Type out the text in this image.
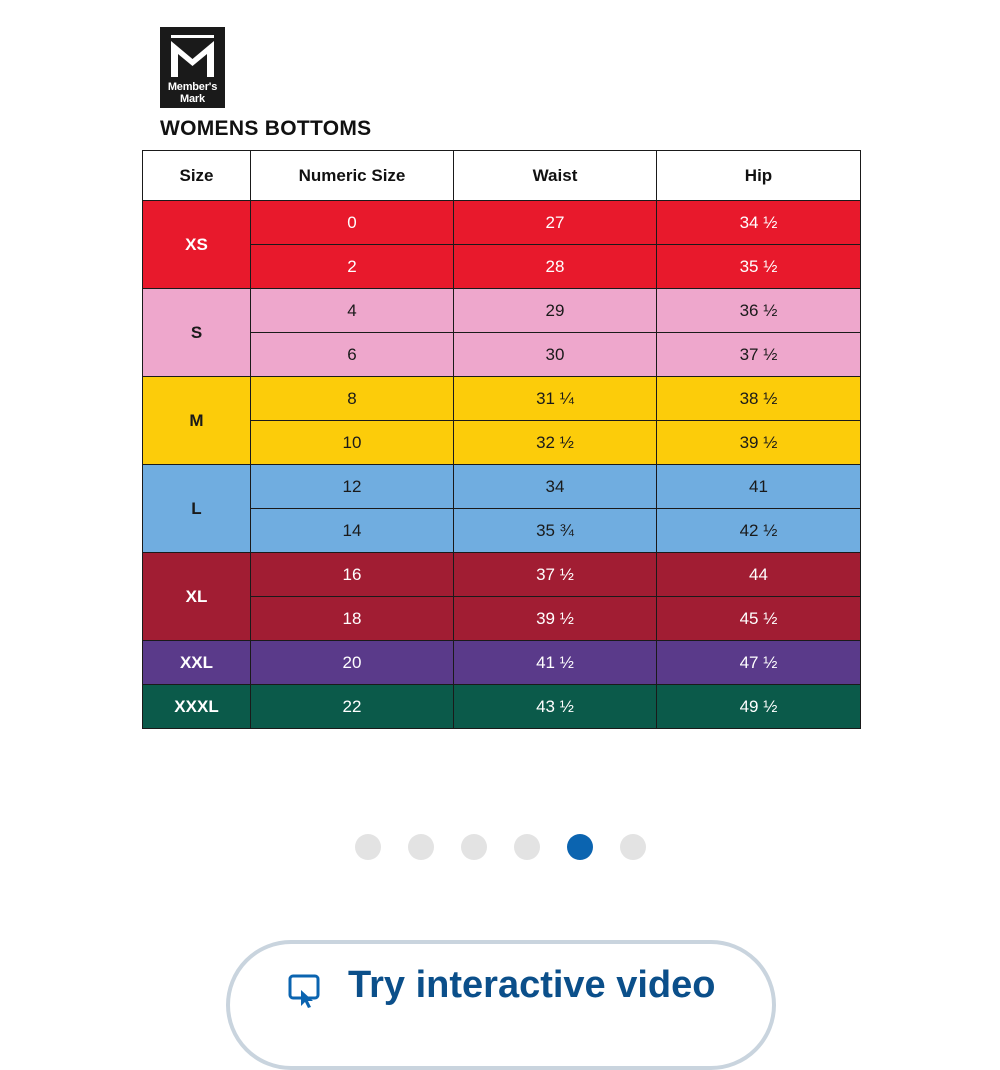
Member's
Mark
WOMENS BOTTOMS
Size	Numeric Size	Waist	Hip
XS	0	27	34 ½
	2	28	35 ½
S	4	29	36 ½
	6	30	37 ½
M	8	31 ¼	38 ½
	10	32 ½	39 ½
L	12	34	41
	14	35 ¾	42 ½
XL	16	37 ½	44
	18	39 ½	45 ½
XXL	20	41 ½	47 ½
XXXL	22	43 ½	49 ½
Try interactive video
